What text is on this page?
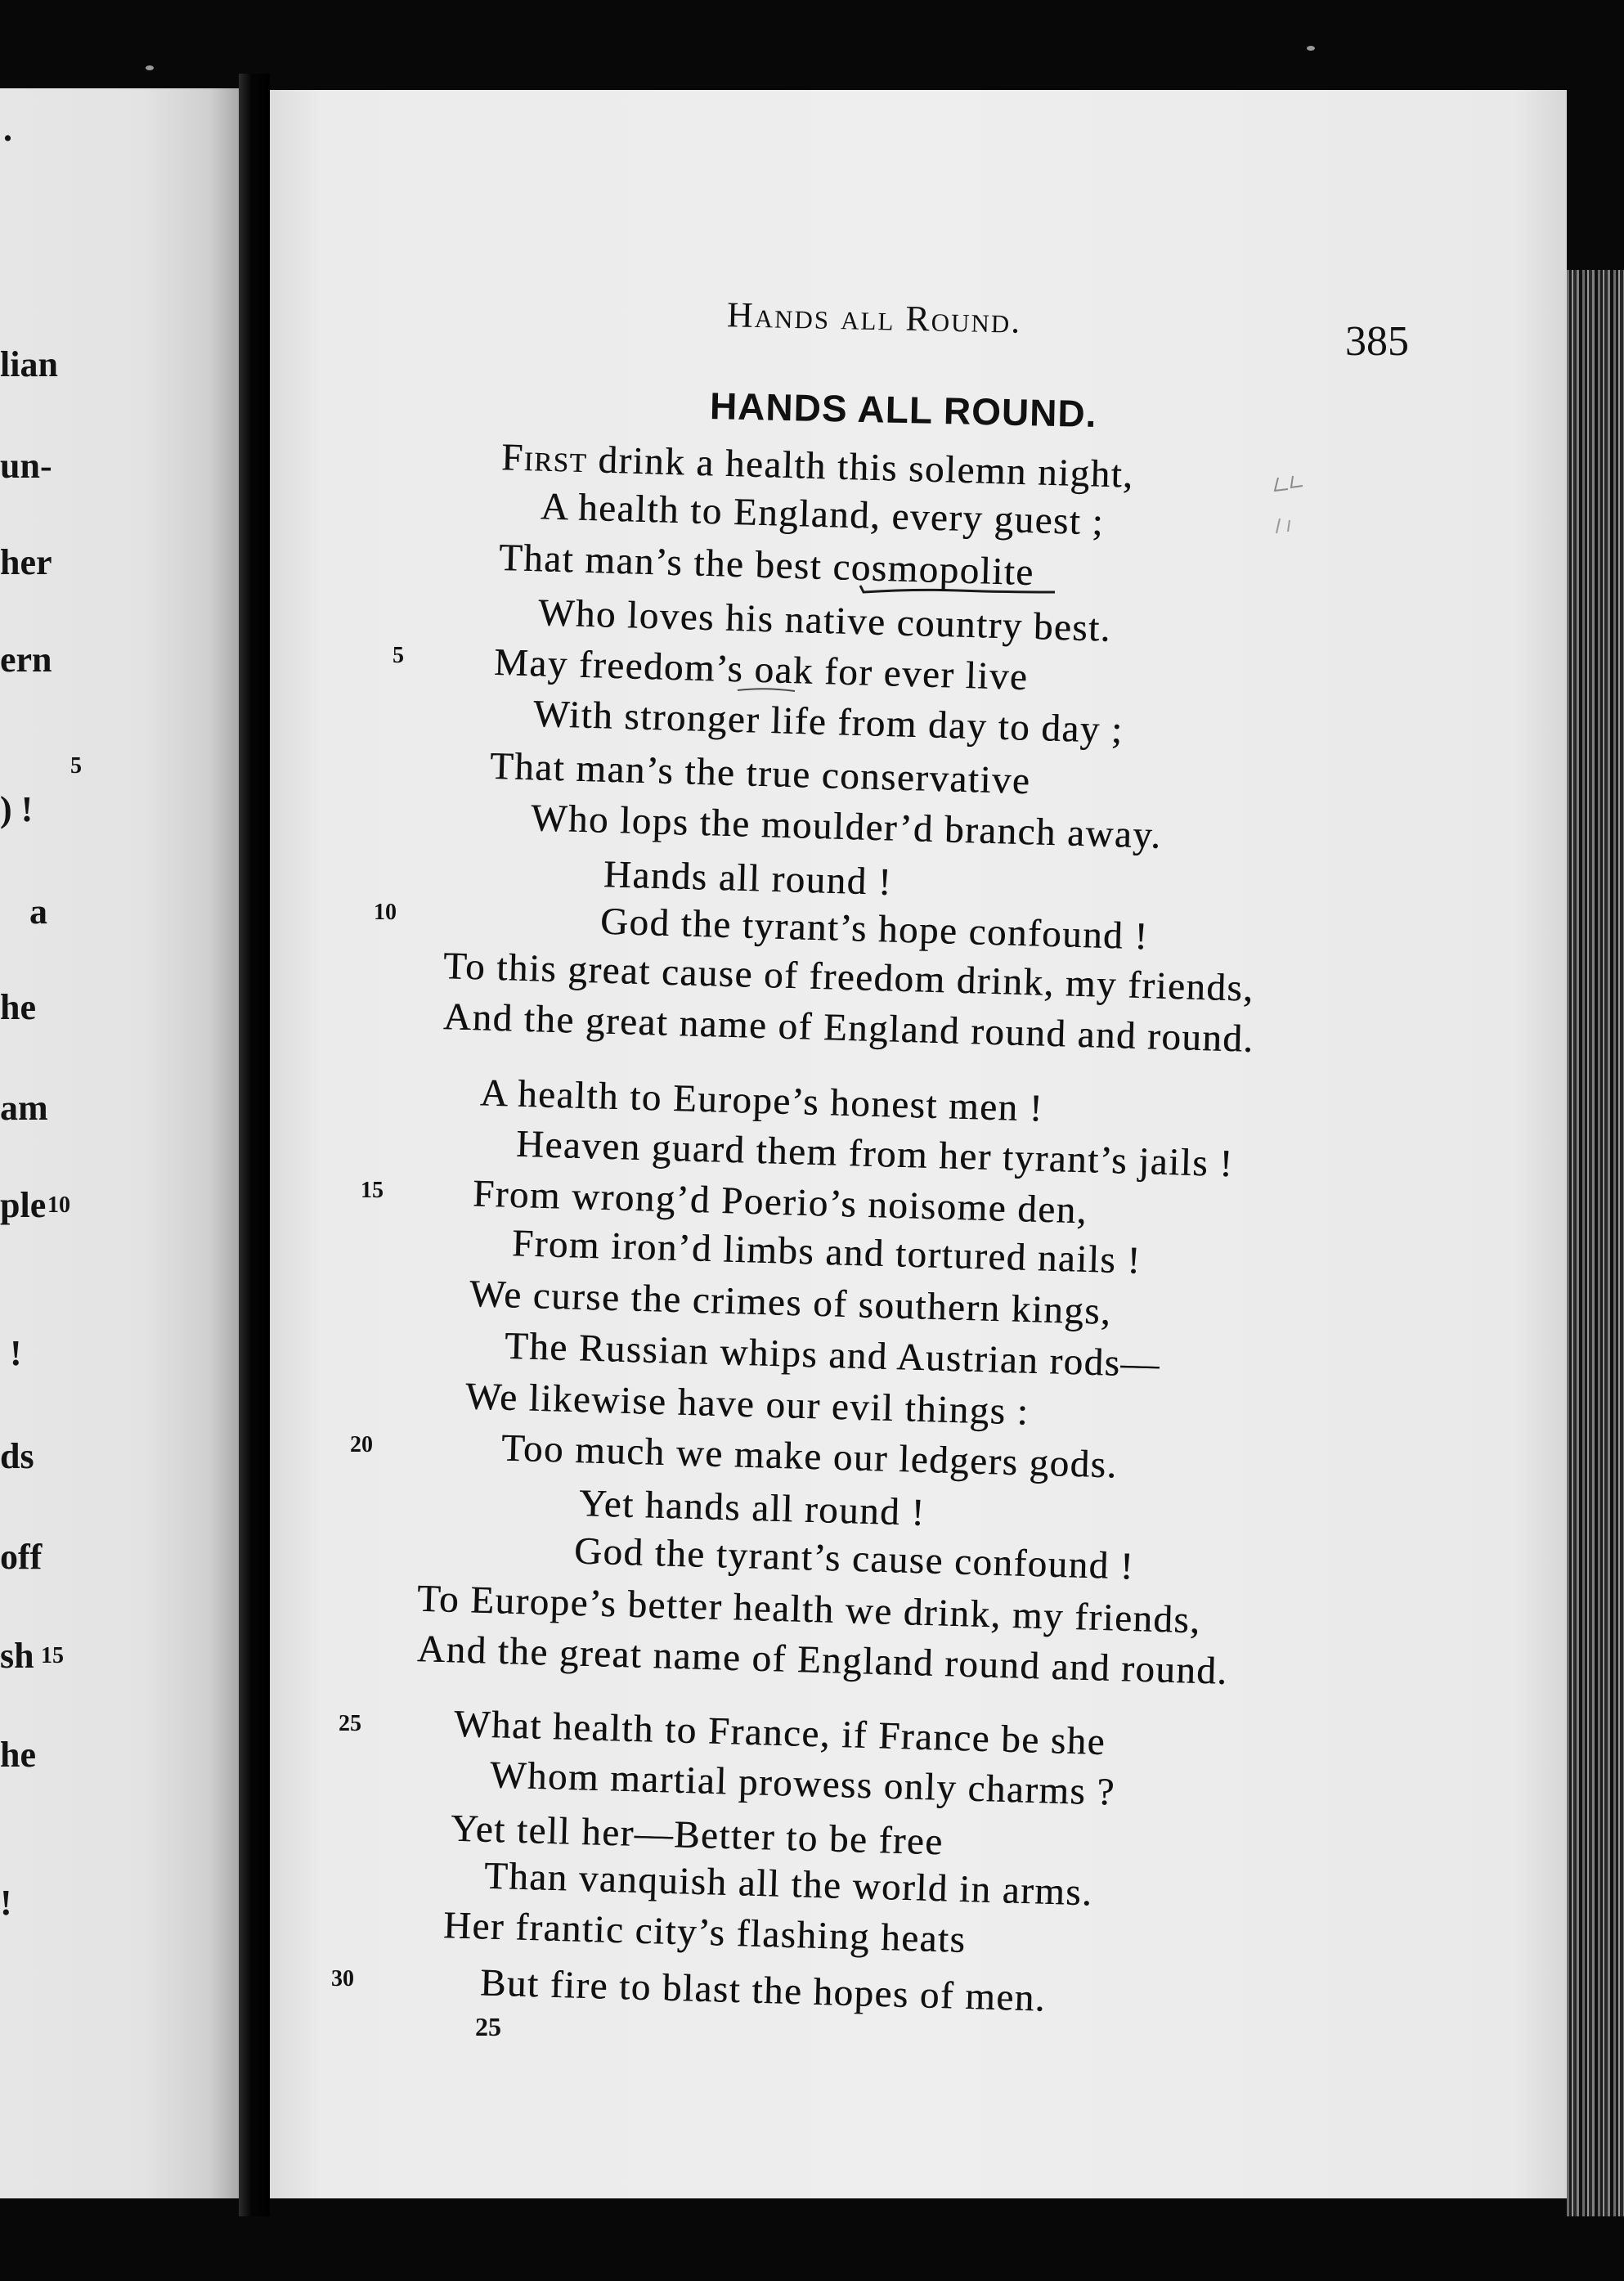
.
lian
un-
her
ern
5
) !
a
he
am
ple 10
!
ds
off
sh 15
he
!
Hands all Round.
385
HANDS ALL ROUND.
First drink a health this solemn night,
A health to England, every guest ;
That man’s the best cosmopolite
Who loves his native country best.
5 May freedom’s oak for ever live
With stronger life from day to day ;
That man’s the true conservative
Who lops the moulder’d branch away.
Hands all round !
10	God the tyrant’s hope confound !
To this great cause of freedom drink, my friends,
And the great name of England round and round.
A health to Europe’s honest men !
Heaven guard them from her tyrant’s jails !
15 From wrong’d Poerio’s noisome den,
From iron’d limbs and tortured nails !
We curse the crimes of southern kings,
The Russian whips and Austrian rods—
We likewise have our evil things :
20	Too much we make our ledgers gods.
Yet hands all round !
God the tyrant’s cause confound !
To Europe’s better health we drink, my friends,
And the great name of England round and round.
25 What health to France, if France be she
Whom martial prowess only charms ?
Yet tell her—Better to be free
Than vanquish all the world in arms.
Her frantic city’s flashing heats
30	But fire to blast the hopes of men.
25
